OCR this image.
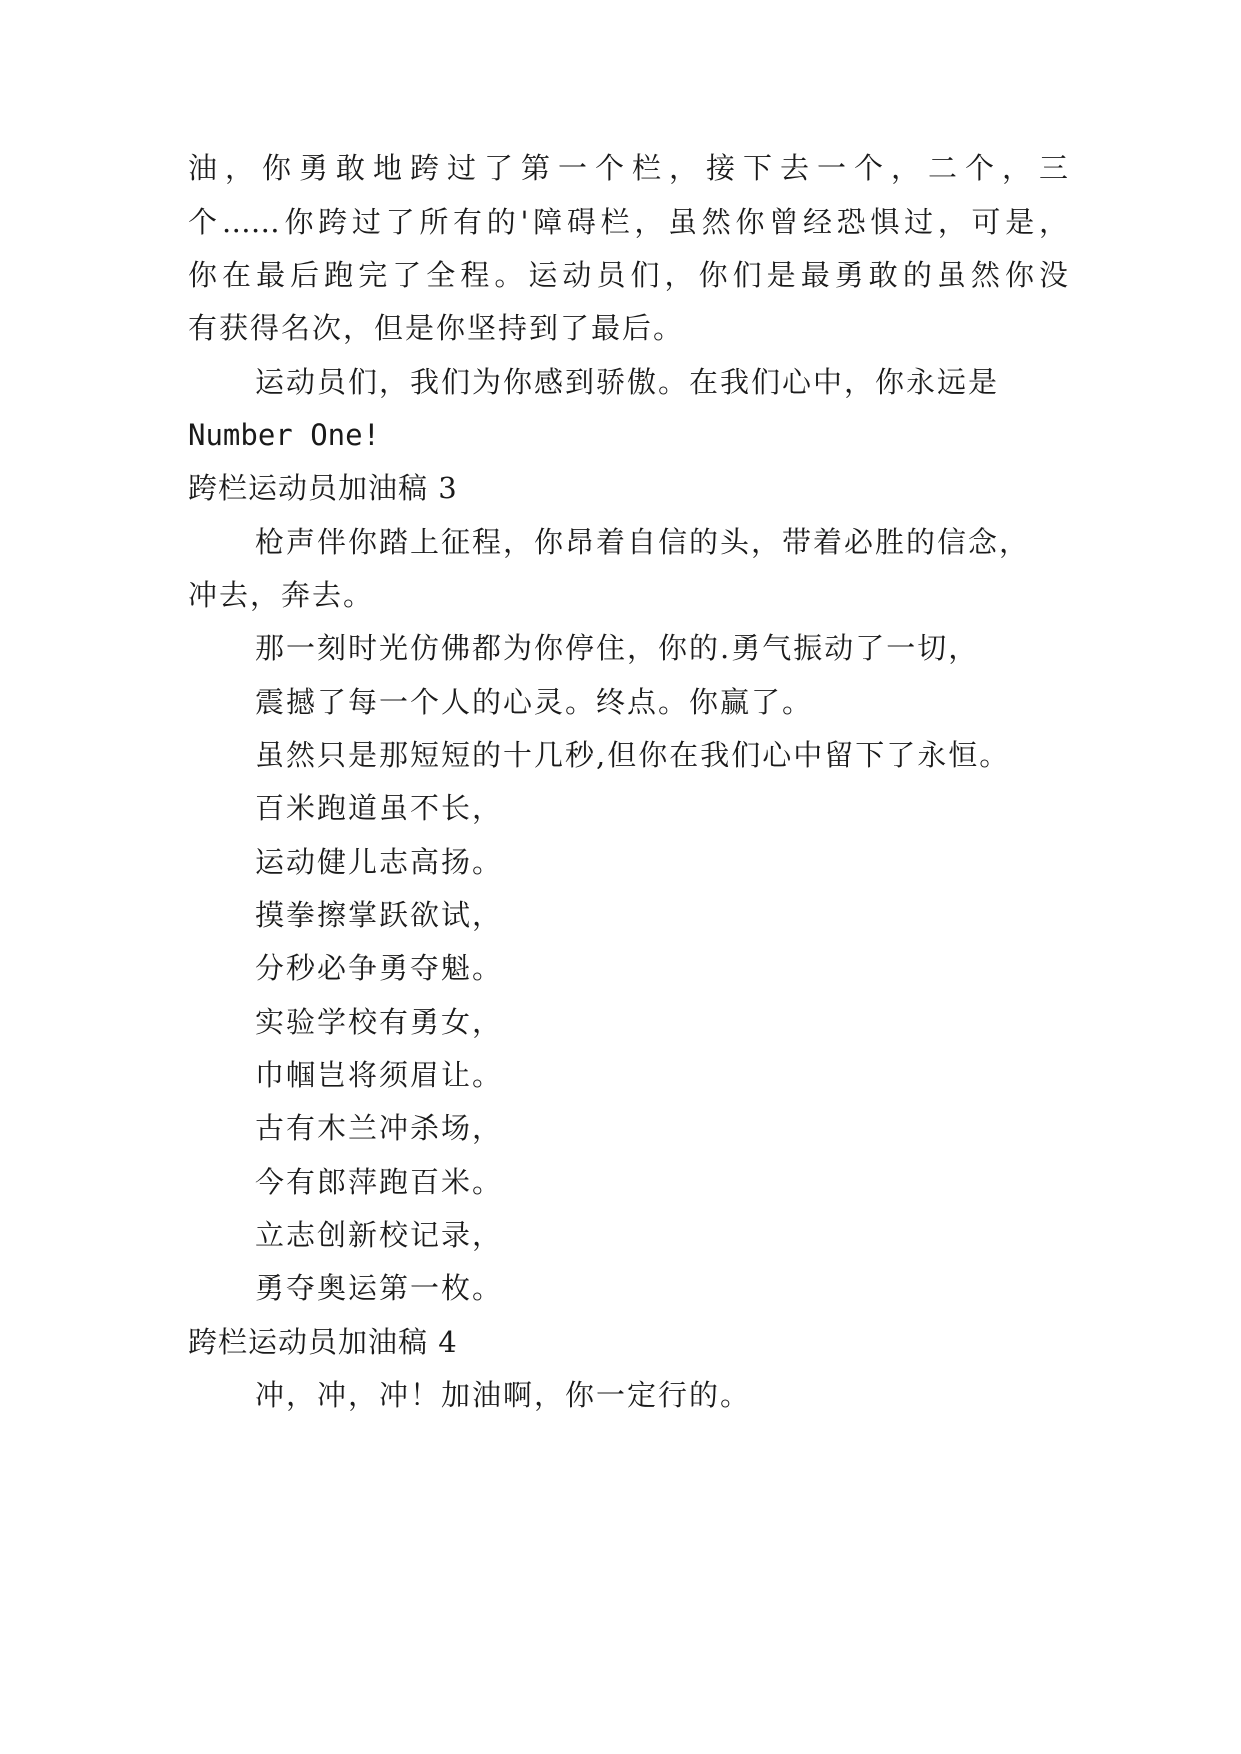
油，你勇敢地跨过了第一个栏，接下去一个，二个，三
个……你跨过了所有的'障碍栏，虽然你曾经恐惧过，可是，
你在最后跑完了全程。运动员们，你们是最勇敢的虽然你没
有获得名次，但是你坚持到了最后。
运动员们，我们为你感到骄傲。在我们心中，你永远是
Number One!
跨栏运动员加油稿 3
枪声伴你踏上征程，你昂着自信的头，带着必胜的信念，
冲去，奔去。
那一刻时光仿佛都为你停住，你的.勇气振动了一切，
震撼了每一个人的心灵。终点。你赢了。
虽然只是那短短的十几秒,但你在我们心中留下了永恒。
百米跑道虽不长，
运动健儿志高扬。
摸拳擦掌跃欲试，
分秒必争勇夺魁。
实验学校有勇女，
巾帼岂将须眉让。
古有木兰冲杀场，
今有郎萍跑百米。
立志创新校记录，
勇夺奥运第一枚。
跨栏运动员加油稿 4
冲，冲，冲！加油啊，你一定行的。
